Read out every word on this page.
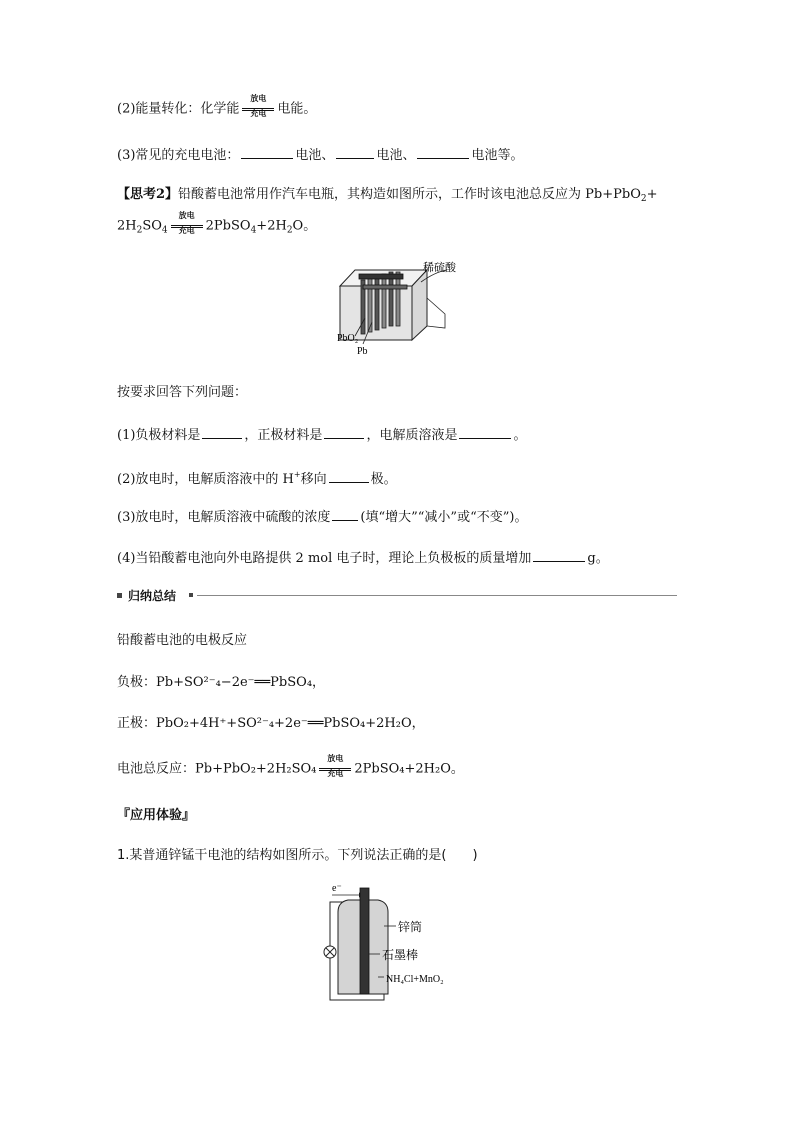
(2)能量转化：化学能
放电
充电 电能。
(3)常见的充电电池：	电池、	电池、	电池等。
【思考2】铅酸蓄电池常用作汽车电瓶，其构造如图所示，工作时该电池总反应为 Pb+PbO$_2$+
$2H_2SO_4$
放电
充电 $2PbSO_4+2H_2O$。
稀硫酸
PbO₂
Pb
按要求回答下列问题：
(1)负极材料是	，正极材料是	，电解质溶液是	。
(2)放电时，电解质溶液中的 H+移向	极。
(3)放电时，电解质溶液中硫酸的浓度 (填“增大”“减小”或“不变”)。
(4)当铅酸蓄电池向外电路提供 2 mol 电子时，理论上负极板的质量增加	g。
归纳总结
铅酸蓄电池的电极反应
负极：Pb+SO²⁻₄−2e⁻══PbSO₄，
正极：PbO₂+4H⁺+SO²⁻₄+2e⁻══PbSO₄+2H₂O，
电池总反应：Pb+PbO₂+2H₂SO₄
放电
充电 2PbSO₄+2H₂O。
『应用体验』
1.某普通锌锰干电池的结构如图所示。下列说法正确的是(　　)
e⁻
锌筒
石墨棒
NH₄Cl+MnO₂
